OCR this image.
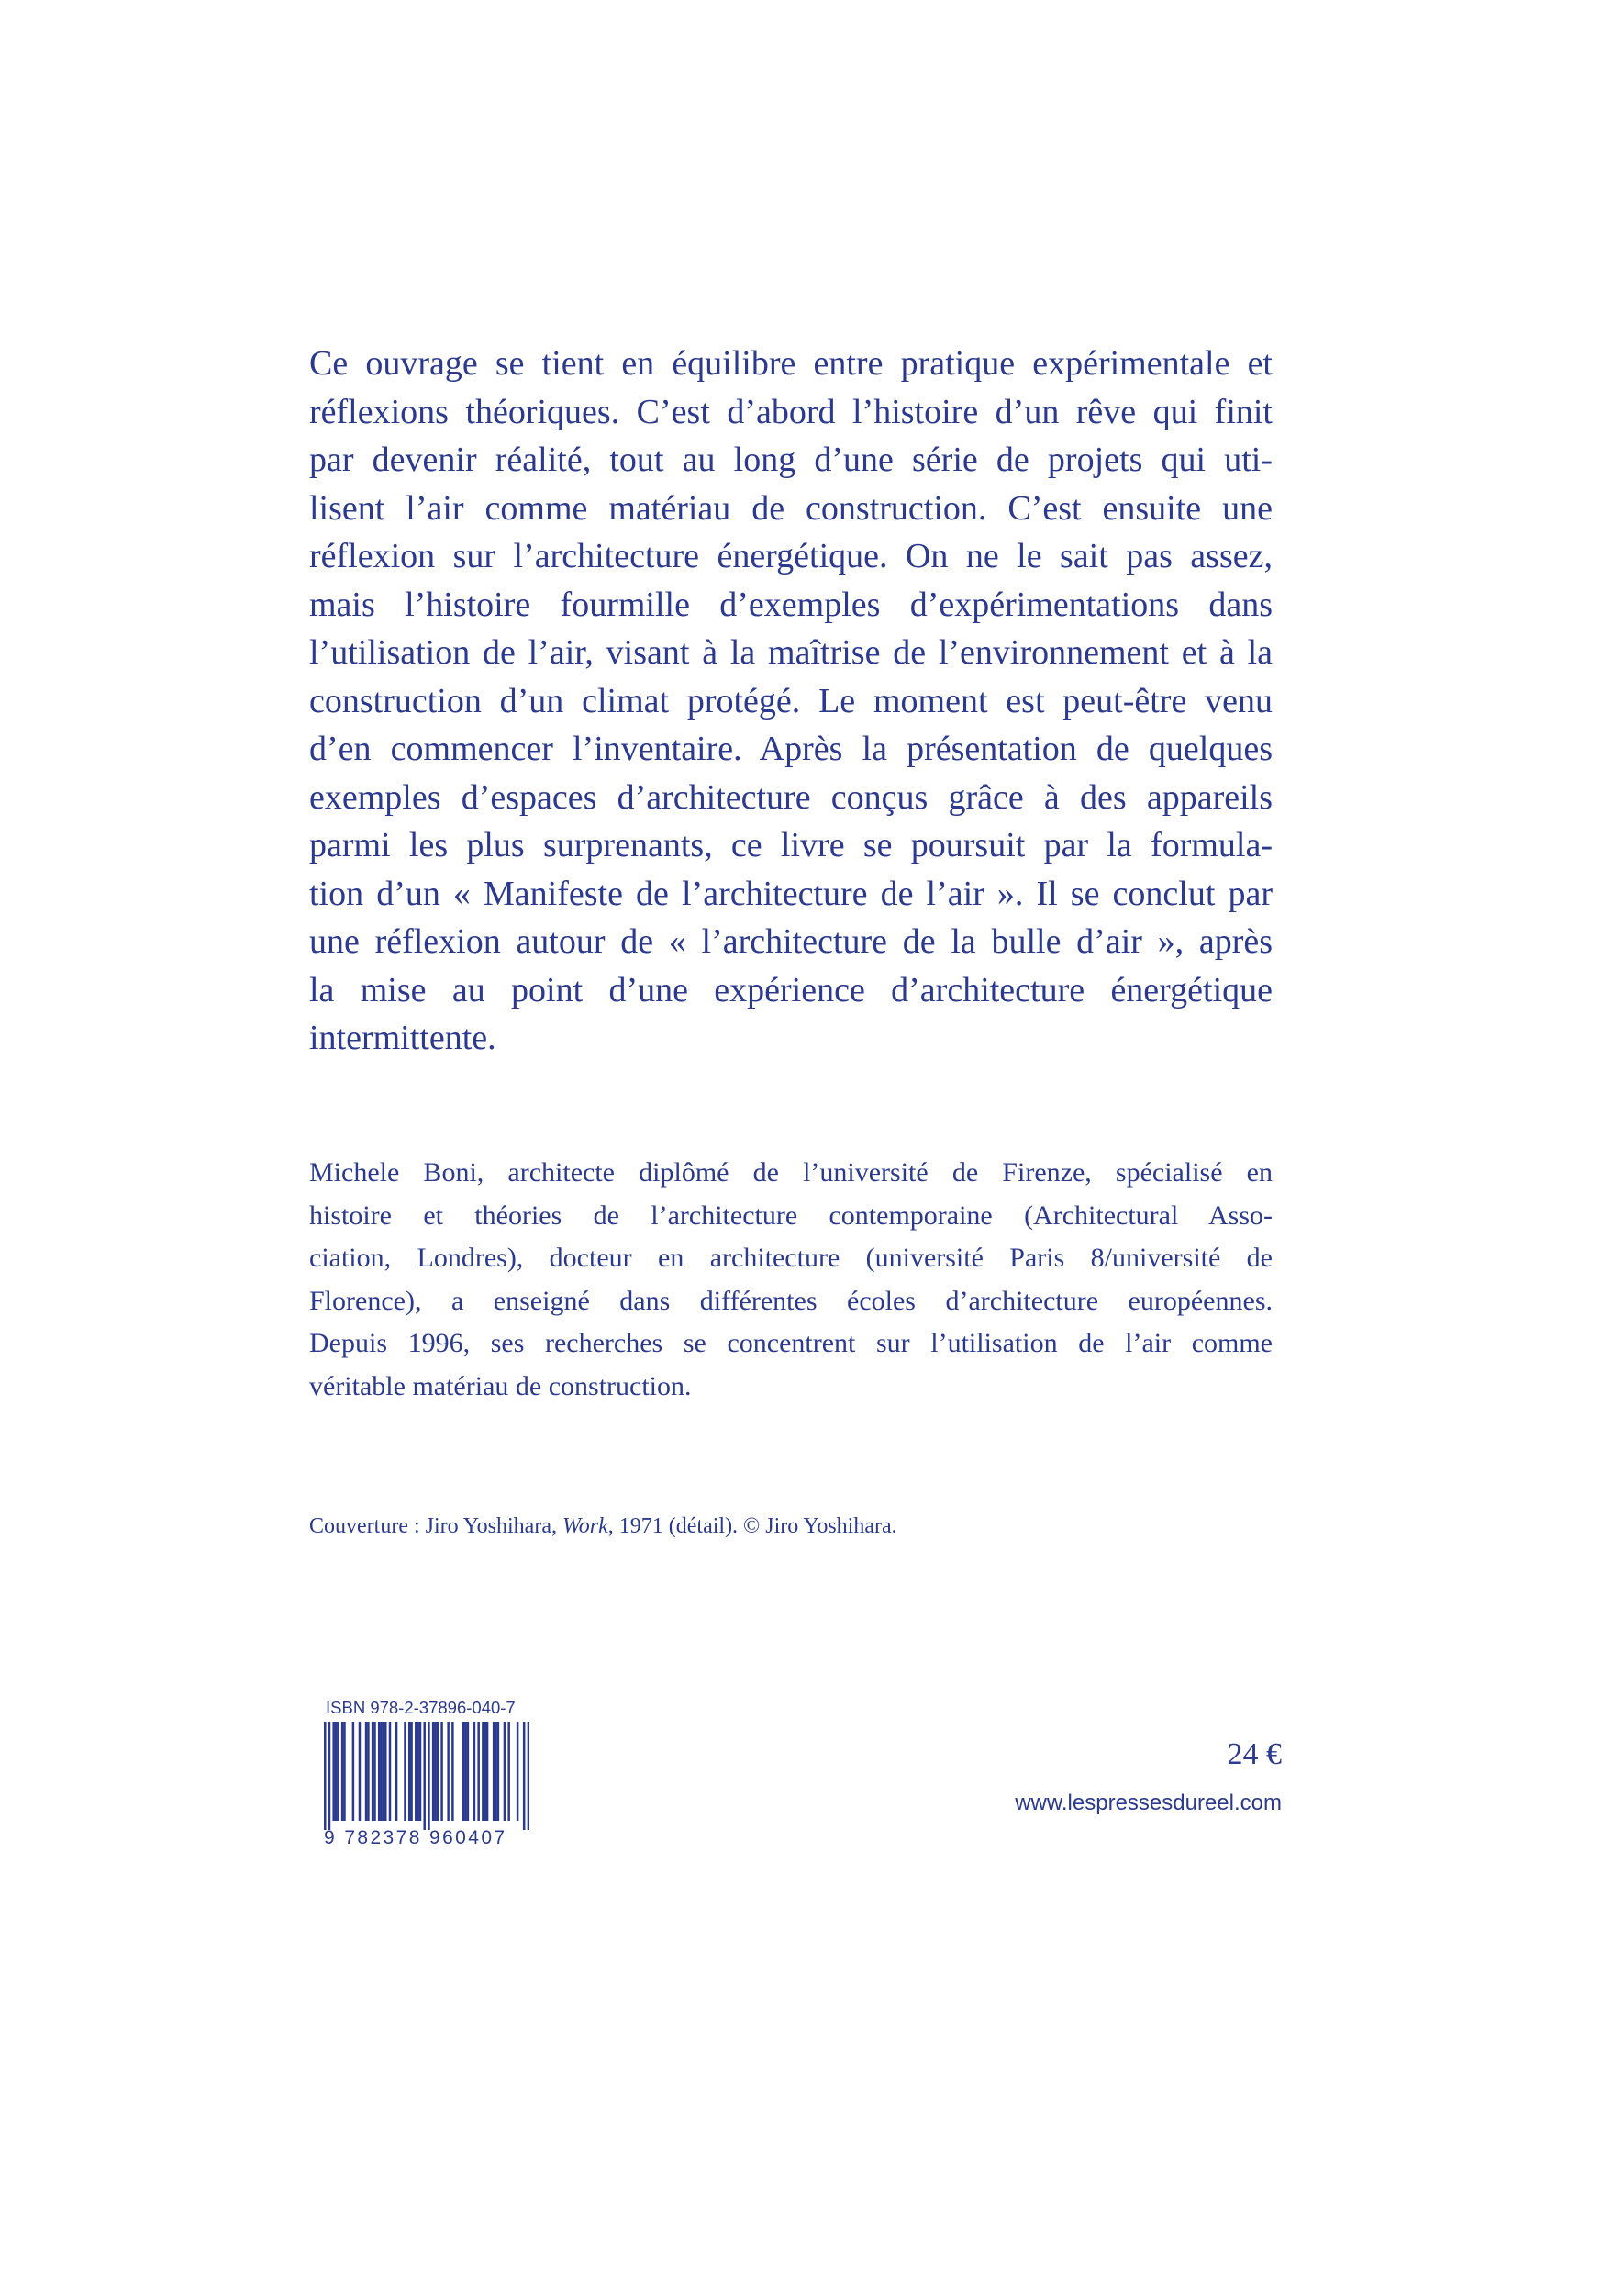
Ce ouvrage se tient en équilibre entre pratique expérimentale et
réflexions théoriques. C’est d’abord l’histoire d’un rêve qui finit
par devenir réalité, tout au long d’une série de projets qui uti-
lisent l’air comme matériau de construction. C’est ensuite une
réflexion sur l’architecture énergétique. On ne le sait pas assez,
mais l’histoire fourmille d’exemples d’expérimentations dans
l’utilisation de l’air, visant à la maîtrise de l’environnement et à la
construction d’un climat protégé. Le moment est peut-être venu
d’en commencer l’inventaire. Après la présentation de quelques
exemples d’espaces d’architecture conçus grâce à des appareils
parmi les plus surprenants, ce livre se poursuit par la formula-
tion d’un « Manifeste de l’architecture de l’air ». Il se conclut par
une réflexion autour de « l’architecture de la bulle d’air », après
la mise au point d’une expérience d’architecture énergétique
intermittente.
Michele Boni, architecte diplômé de l’université de Firenze, spécialisé en
histoire et théories de l’architecture contemporaine (Architectural Asso-
ciation, Londres), docteur en architecture (université Paris 8/université de
Florence), a enseigné dans différentes écoles d’architecture européennes.
Depuis 1996, ses recherches se concentrent sur l’utilisation de l’air comme
véritable matériau de construction.

Couverture : Jiro Yoshihara, Work, 1971 (détail). © Jiro Yoshihara.

ISBN 978-2-37896-040-7
9 782378 960407

24 €

www.lespressesdureel.com
